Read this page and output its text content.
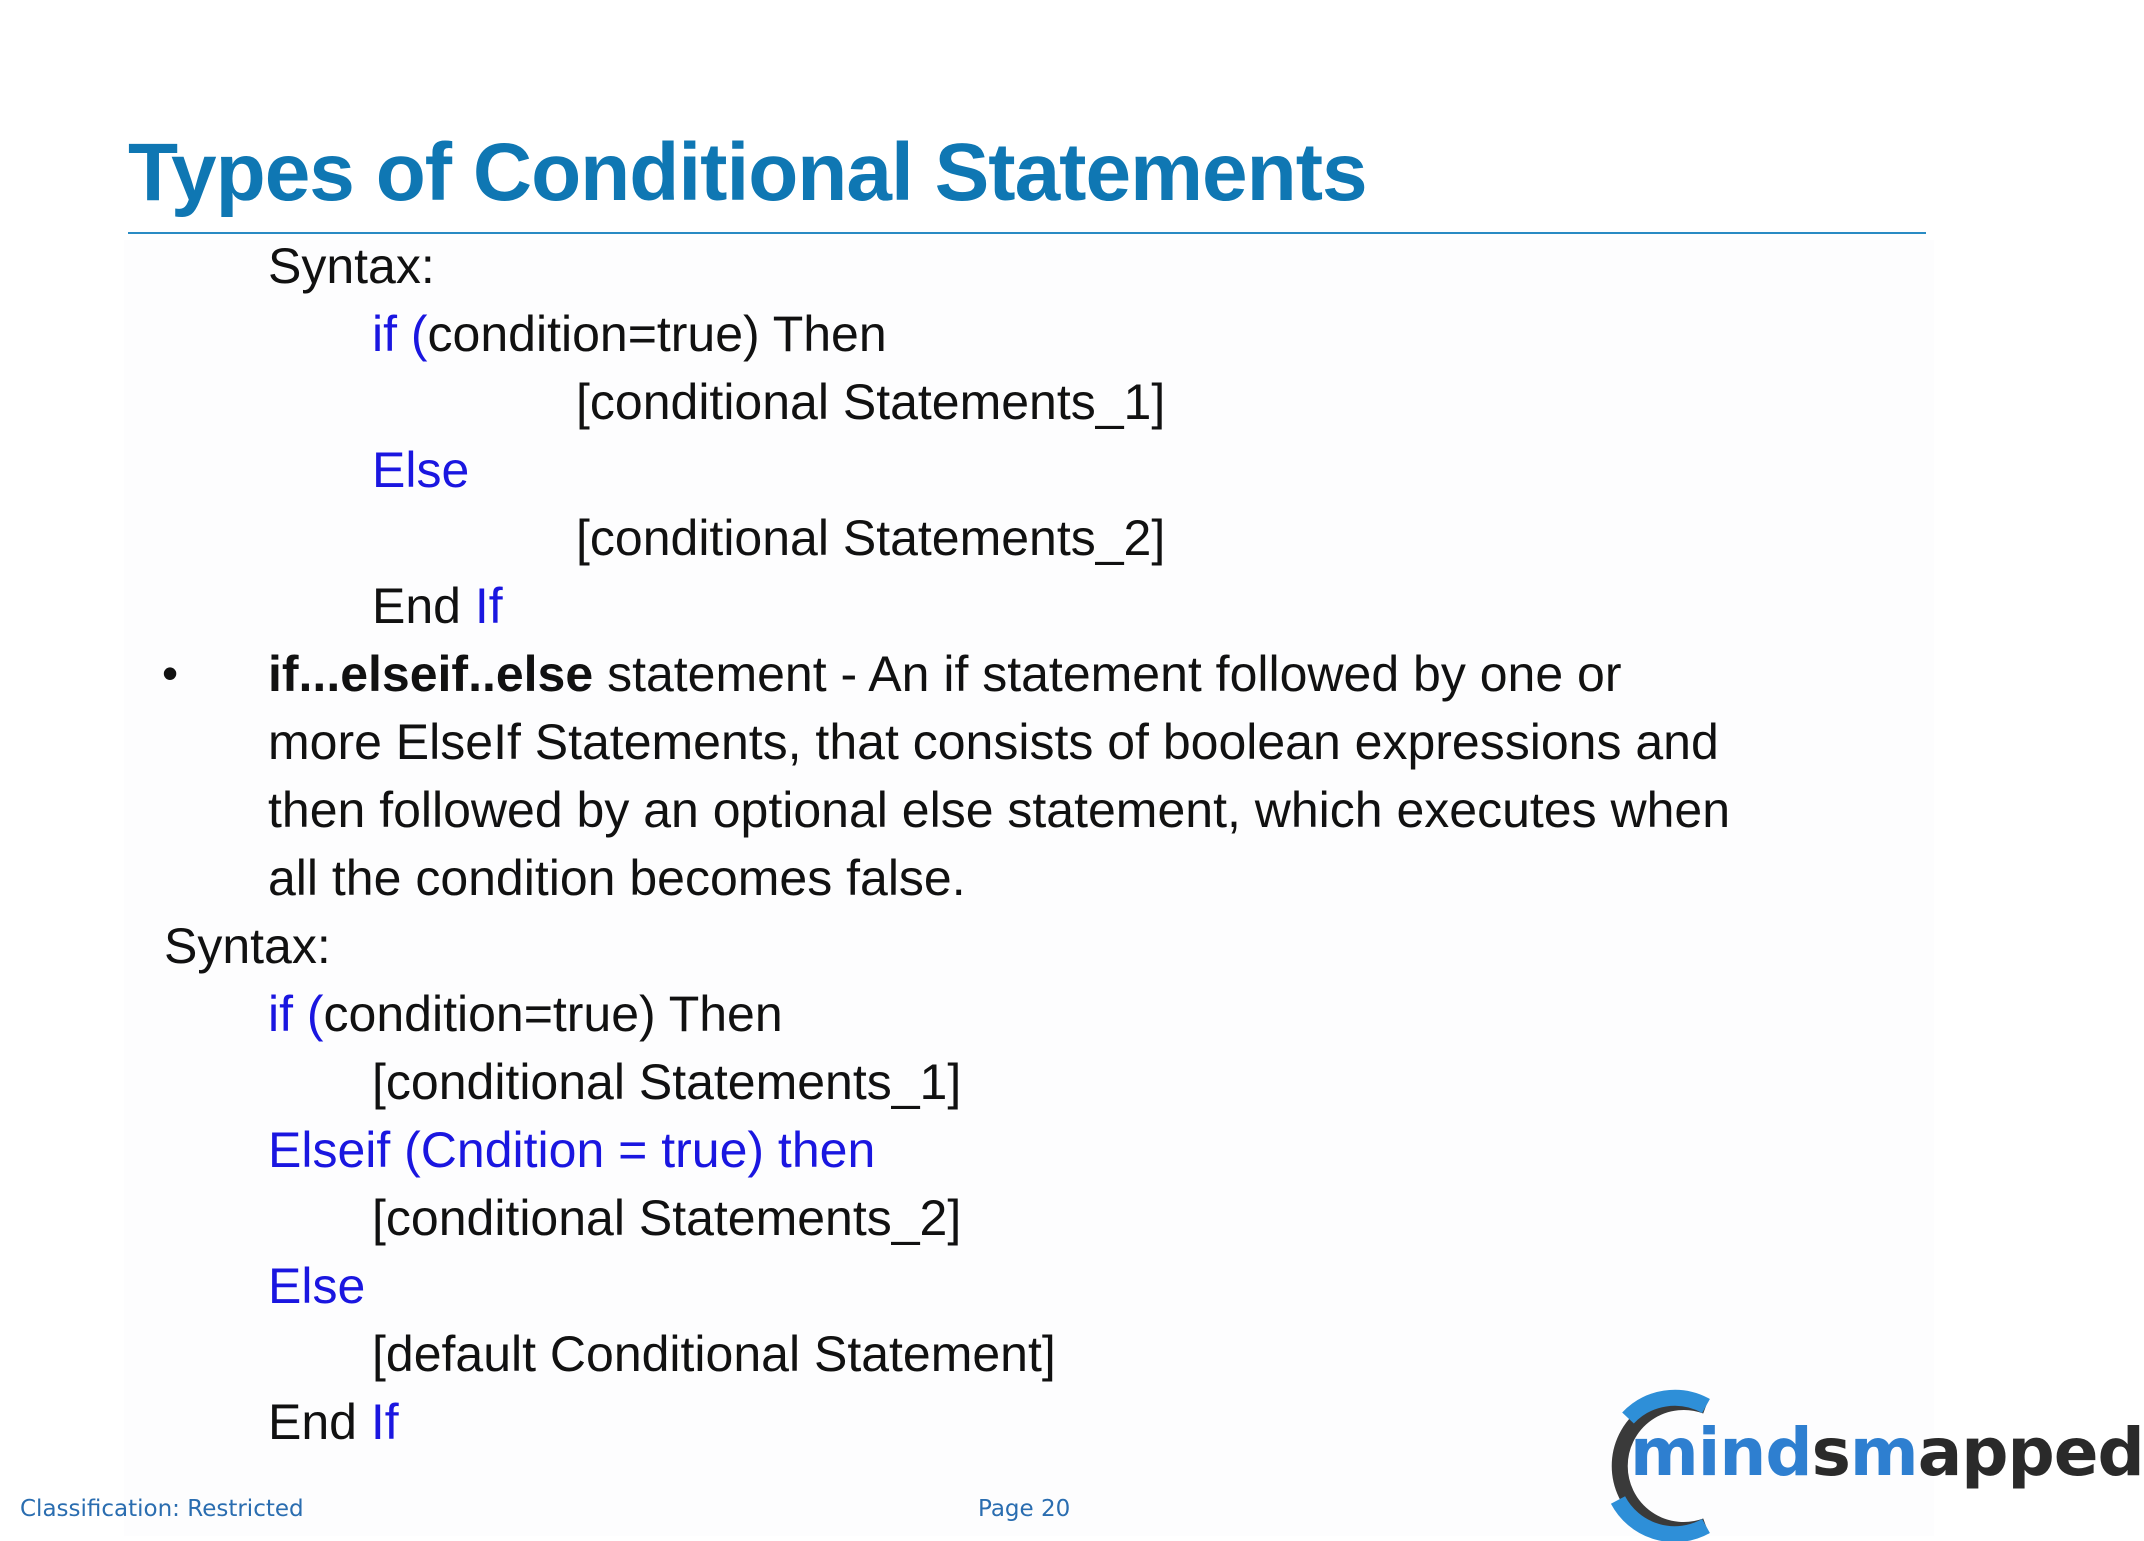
Types of Conditional Statements
Syntax:
if (condition=true) Then
[conditional Statements_1]
Else
[conditional Statements_2]
End If
• if...elseif..else statement - An if statement followed by one or
more ElseIf Statements, that consists of boolean expressions and
then followed by an optional else statement, which executes when
all the condition becomes false.
Syntax:
if (condition=true) Then
[conditional Statements_1]
Elseif (Cndition = true) then
[conditional Statements_2]
Else
[default Conditional Statement]
End If
Classification: Restricted	Page 20
mindsmapped
